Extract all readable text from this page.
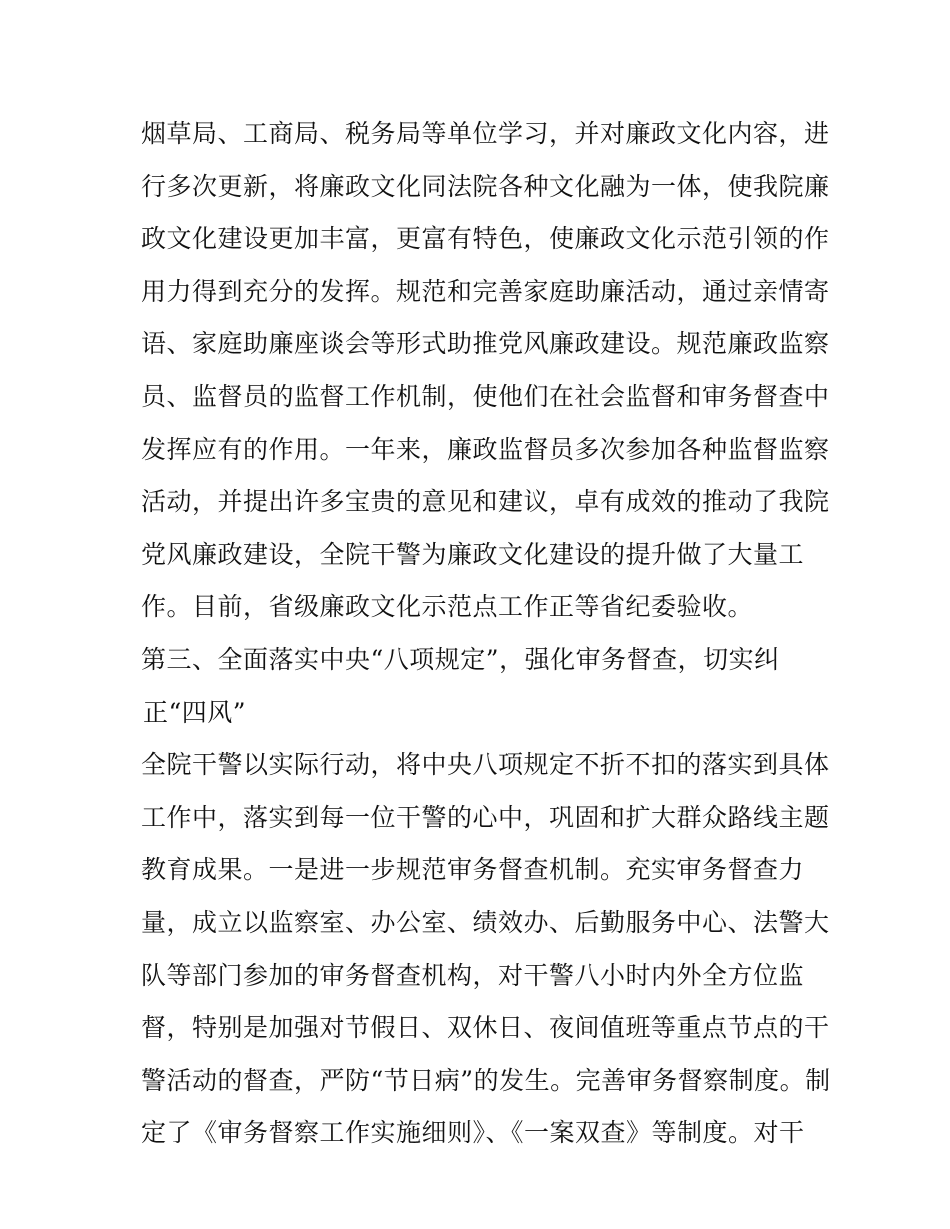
烟草局、工商局、税务局等单位学习，并对廉政文化内容，进
行多次更新，将廉政文化同法院各种文化融为一体，使我院廉
政文化建设更加丰富，更富有特色，使廉政文化示范引领的作
用力得到充分的发挥。规范和完善家庭助廉活动，通过亲情寄
语、家庭助廉座谈会等形式助推党风廉政建设。规范廉政监察
员、监督员的监督工作机制，使他们在社会监督和审务督查中
发挥应有的作用。一年来，廉政监督员多次参加各种监督监察
活动，并提出许多宝贵的意见和建议，卓有成效的推动了我院
党风廉政建设，全院干警为廉政文化建设的提升做了大量工
作。目前，省级廉政文化示范点工作正等省纪委验收。
第三、全面落实中央“八项规定”，强化审务督查，切实纠
正“四风”
全院干警以实际行动，将中央八项规定不折不扣的落实到具体
工作中，落实到每一位干警的心中，巩固和扩大群众路线主题
教育成果。一是进一步规范审务督查机制。充实审务督查力
量，成立以监察室、办公室、绩效办、后勤服务中心、法警大
队等部门参加的审务督查机构，对干警八小时内外全方位监
督，特别是加强对节假日、双休日、夜间值班等重点节点的干
警活动的督查，严防“节日病”的发生。完善审务督察制度。制
定了《审务督察工作实施细则》、《一案双查》等制度。对干
